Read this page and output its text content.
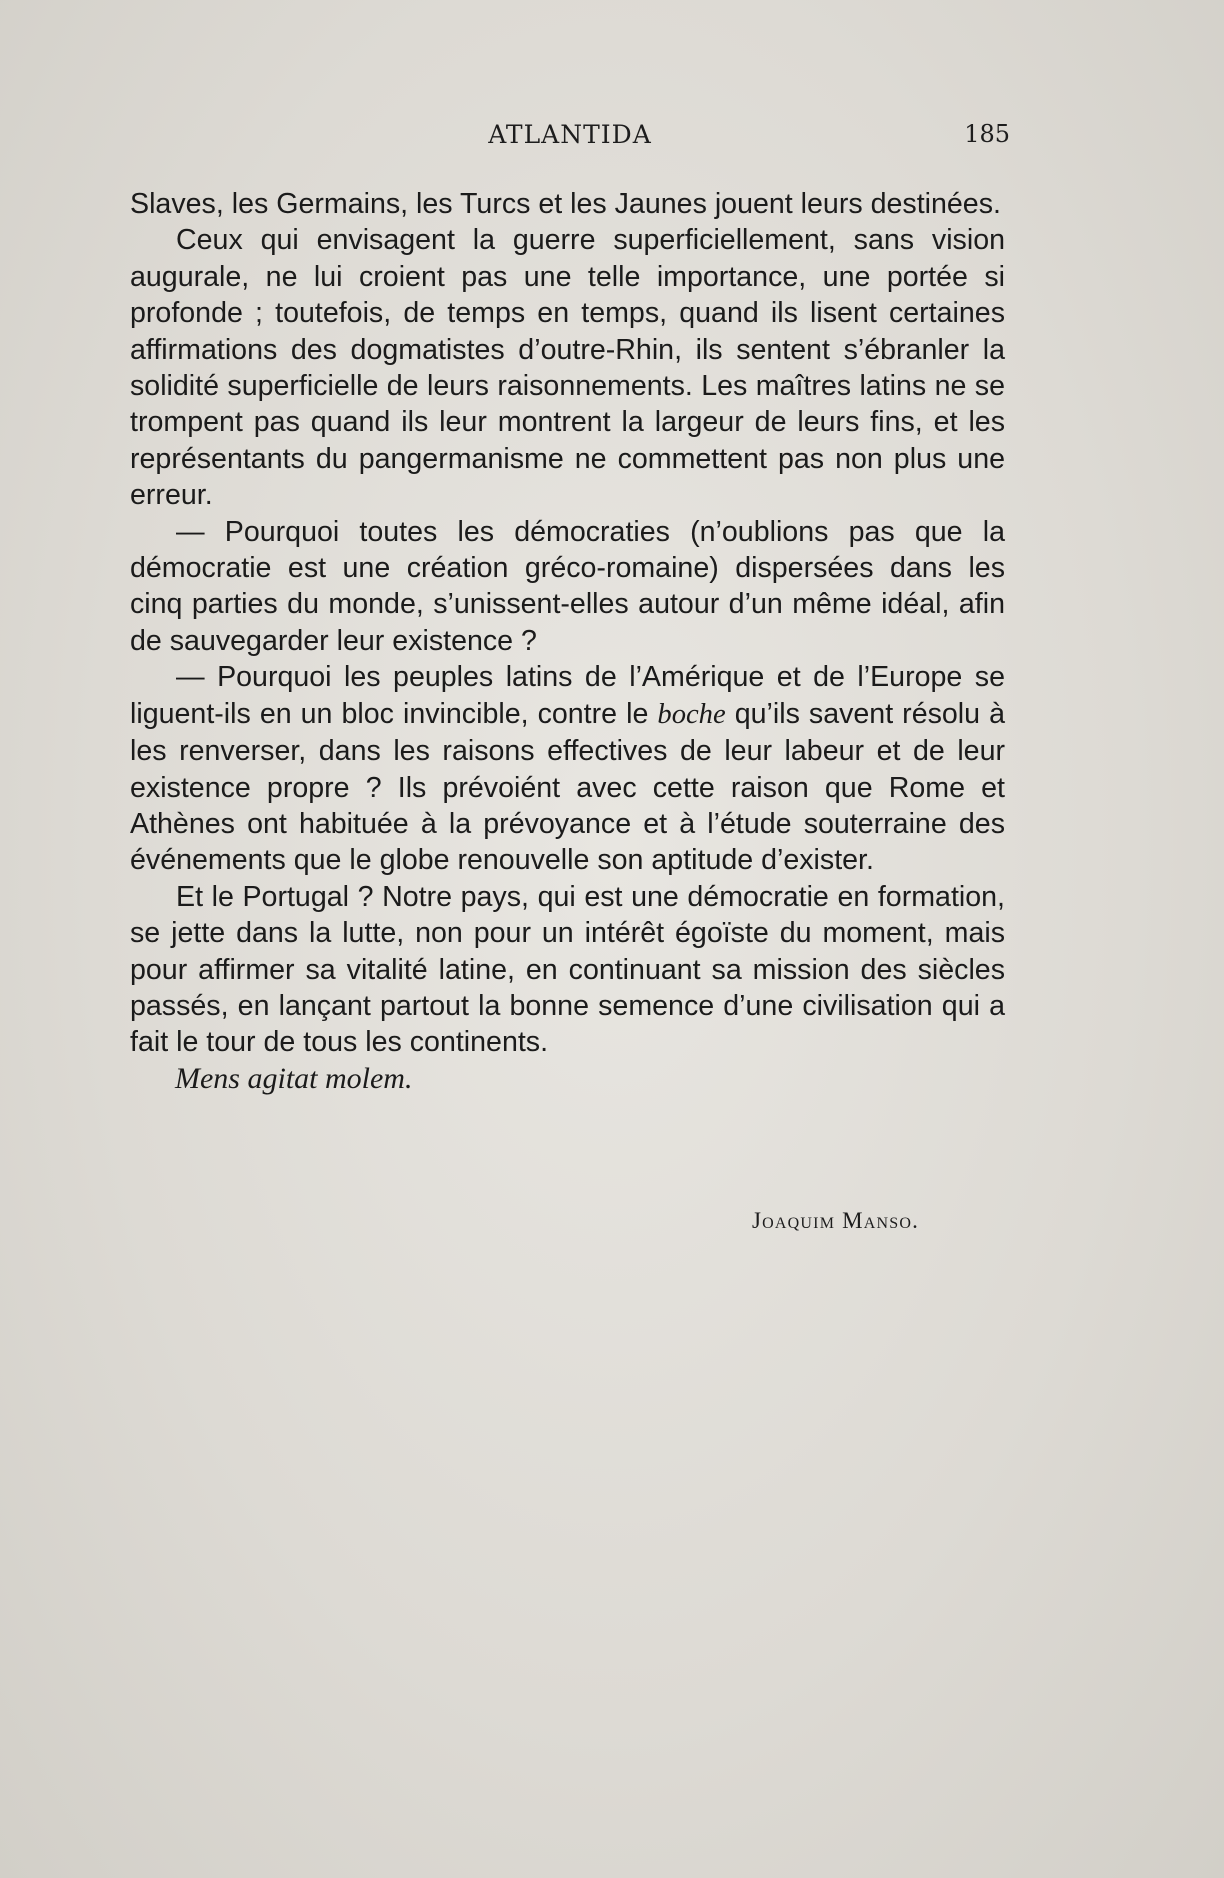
ATLANTIDA	185

Slaves, les Germains, les Turcs et les Jaunes jouent leurs destinées.

Ceux qui envisagent la guerre superficiellement, sans vision augurale, ne lui croient pas une telle importance, une portée si profonde ; toutefois, de temps en temps, quand ils lisent certaines affirmations des dogmatistes d’outre-Rhin, ils sentent s’ébranler la solidité superficielle de leurs raisonnements. Les maîtres latins ne se trompent pas quand ils leur montrent la largeur de leurs fins, et les représentants du pangermanisme ne commettent pas non plus une erreur.

— Pourquoi toutes les démocraties (n’oublions pas que la démocratie est une création gréco-romaine) dispersées dans les cinq parties du monde, s’unissent-elles autour d’un même idéal, afin de sauvegarder leur existence ?

— Pourquoi les peuples latins de l’Amérique et de l’Europe se liguent-ils en un bloc invincible, contre le boche qu’ils savent résolu à les renverser, dans les raisons effectives de leur labeur et de leur existence propre ? Ils prévoiént avec cette raison que Rome et Athènes ont habituée à la prévoyance et à l’étude souterraine des événements que le globe renouvelle son aptitude d’exister.

Et le Portugal ? Notre pays, qui est une démocratie en formation, se jette dans la lutte, non pour un intérêt égoïste du moment, mais pour affirmer sa vitalité latine, en continuant sa mission des siècles passés, en lançant partout la bonne semence d’une civilisation qui a fait le tour de tous les continents.

Mens agitat molem.

Joaquim Manso.
